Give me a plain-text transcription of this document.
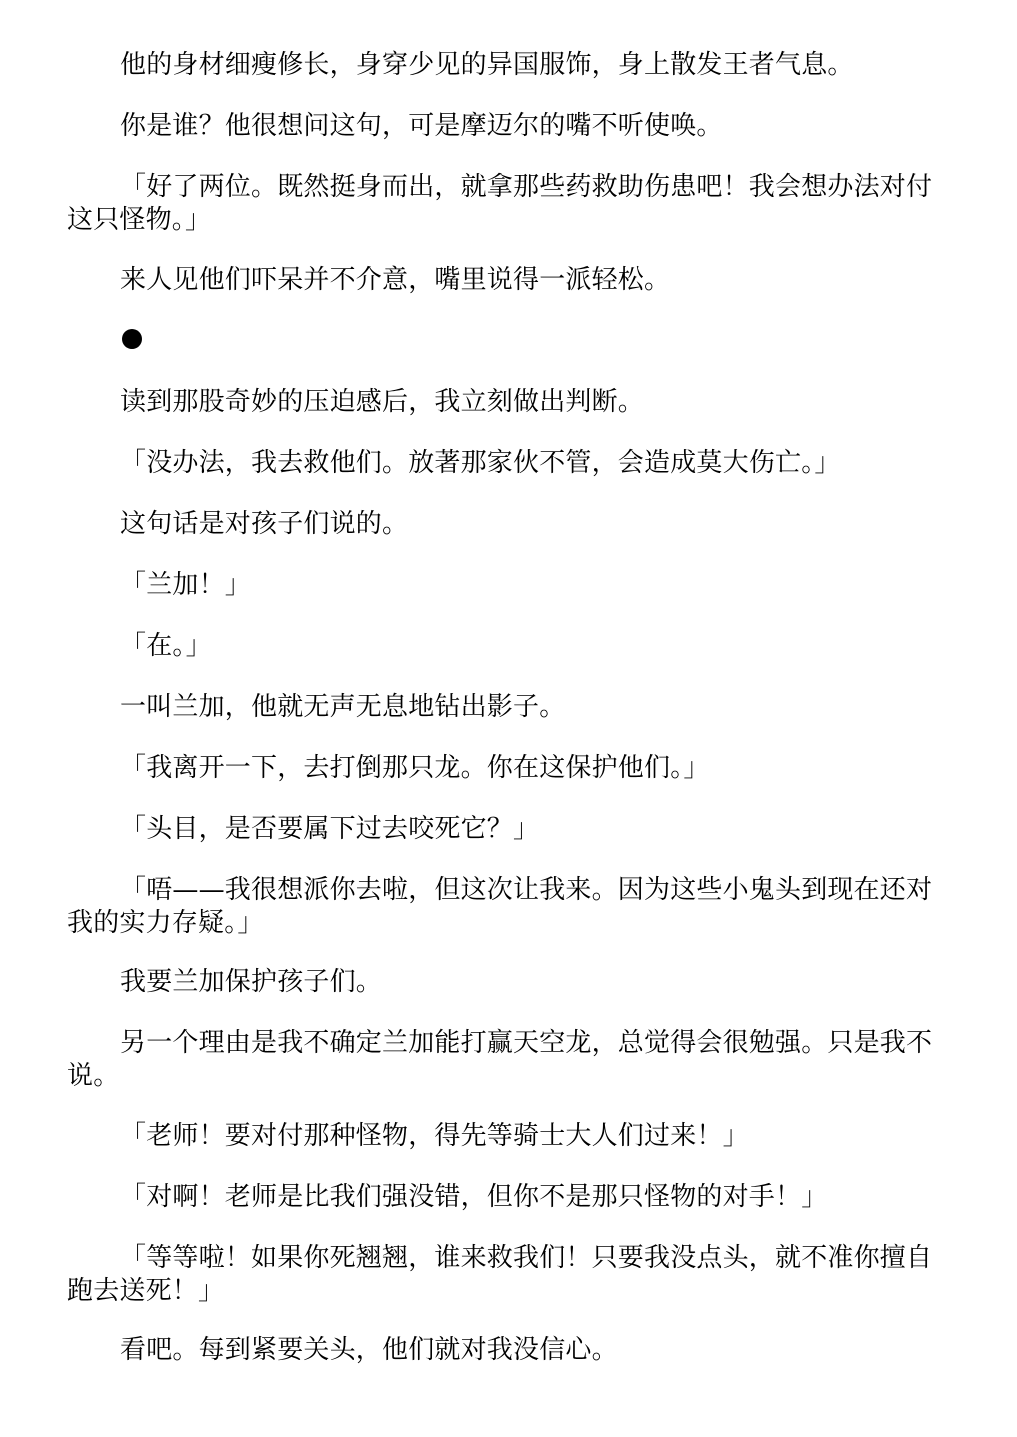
他的身材细瘦修长，身穿少见的异国服饰，身上散发王者气息。

你是谁？他很想问这句，可是摩迈尔的嘴不听使唤。

「好了两位。既然挺身而出，就拿那些药救助伤患吧！我会想办法对付这只怪物。」

来人见他们吓呆并不介意，嘴里说得一派轻松。

读到那股奇妙的压迫感后，我立刻做出判断。

「没办法，我去救他们。放著那家伙不管，会造成莫大伤亡。」

这句话是对孩子们说的。

「兰加！」

「在。」

一叫兰加，他就无声无息地钻出影子。

「我离开一下，去打倒那只龙。你在这保护他们。」

「头目，是否要属下过去咬死它？」

「唔——我很想派你去啦，但这次让我来。因为这些小鬼头到现在还对我的实力存疑。」

我要兰加保护孩子们。

另一个理由是我不确定兰加能打赢天空龙，总觉得会很勉强。只是我不说。

「老师！要对付那种怪物，得先等骑士大人们过来！」

「对啊！老师是比我们强没错，但你不是那只怪物的对手！」

「等等啦！如果你死翘翘，谁来救我们！只要我没点头，就不准你擅自跑去送死！」

看吧。每到紧要关头，他们就对我没信心。
